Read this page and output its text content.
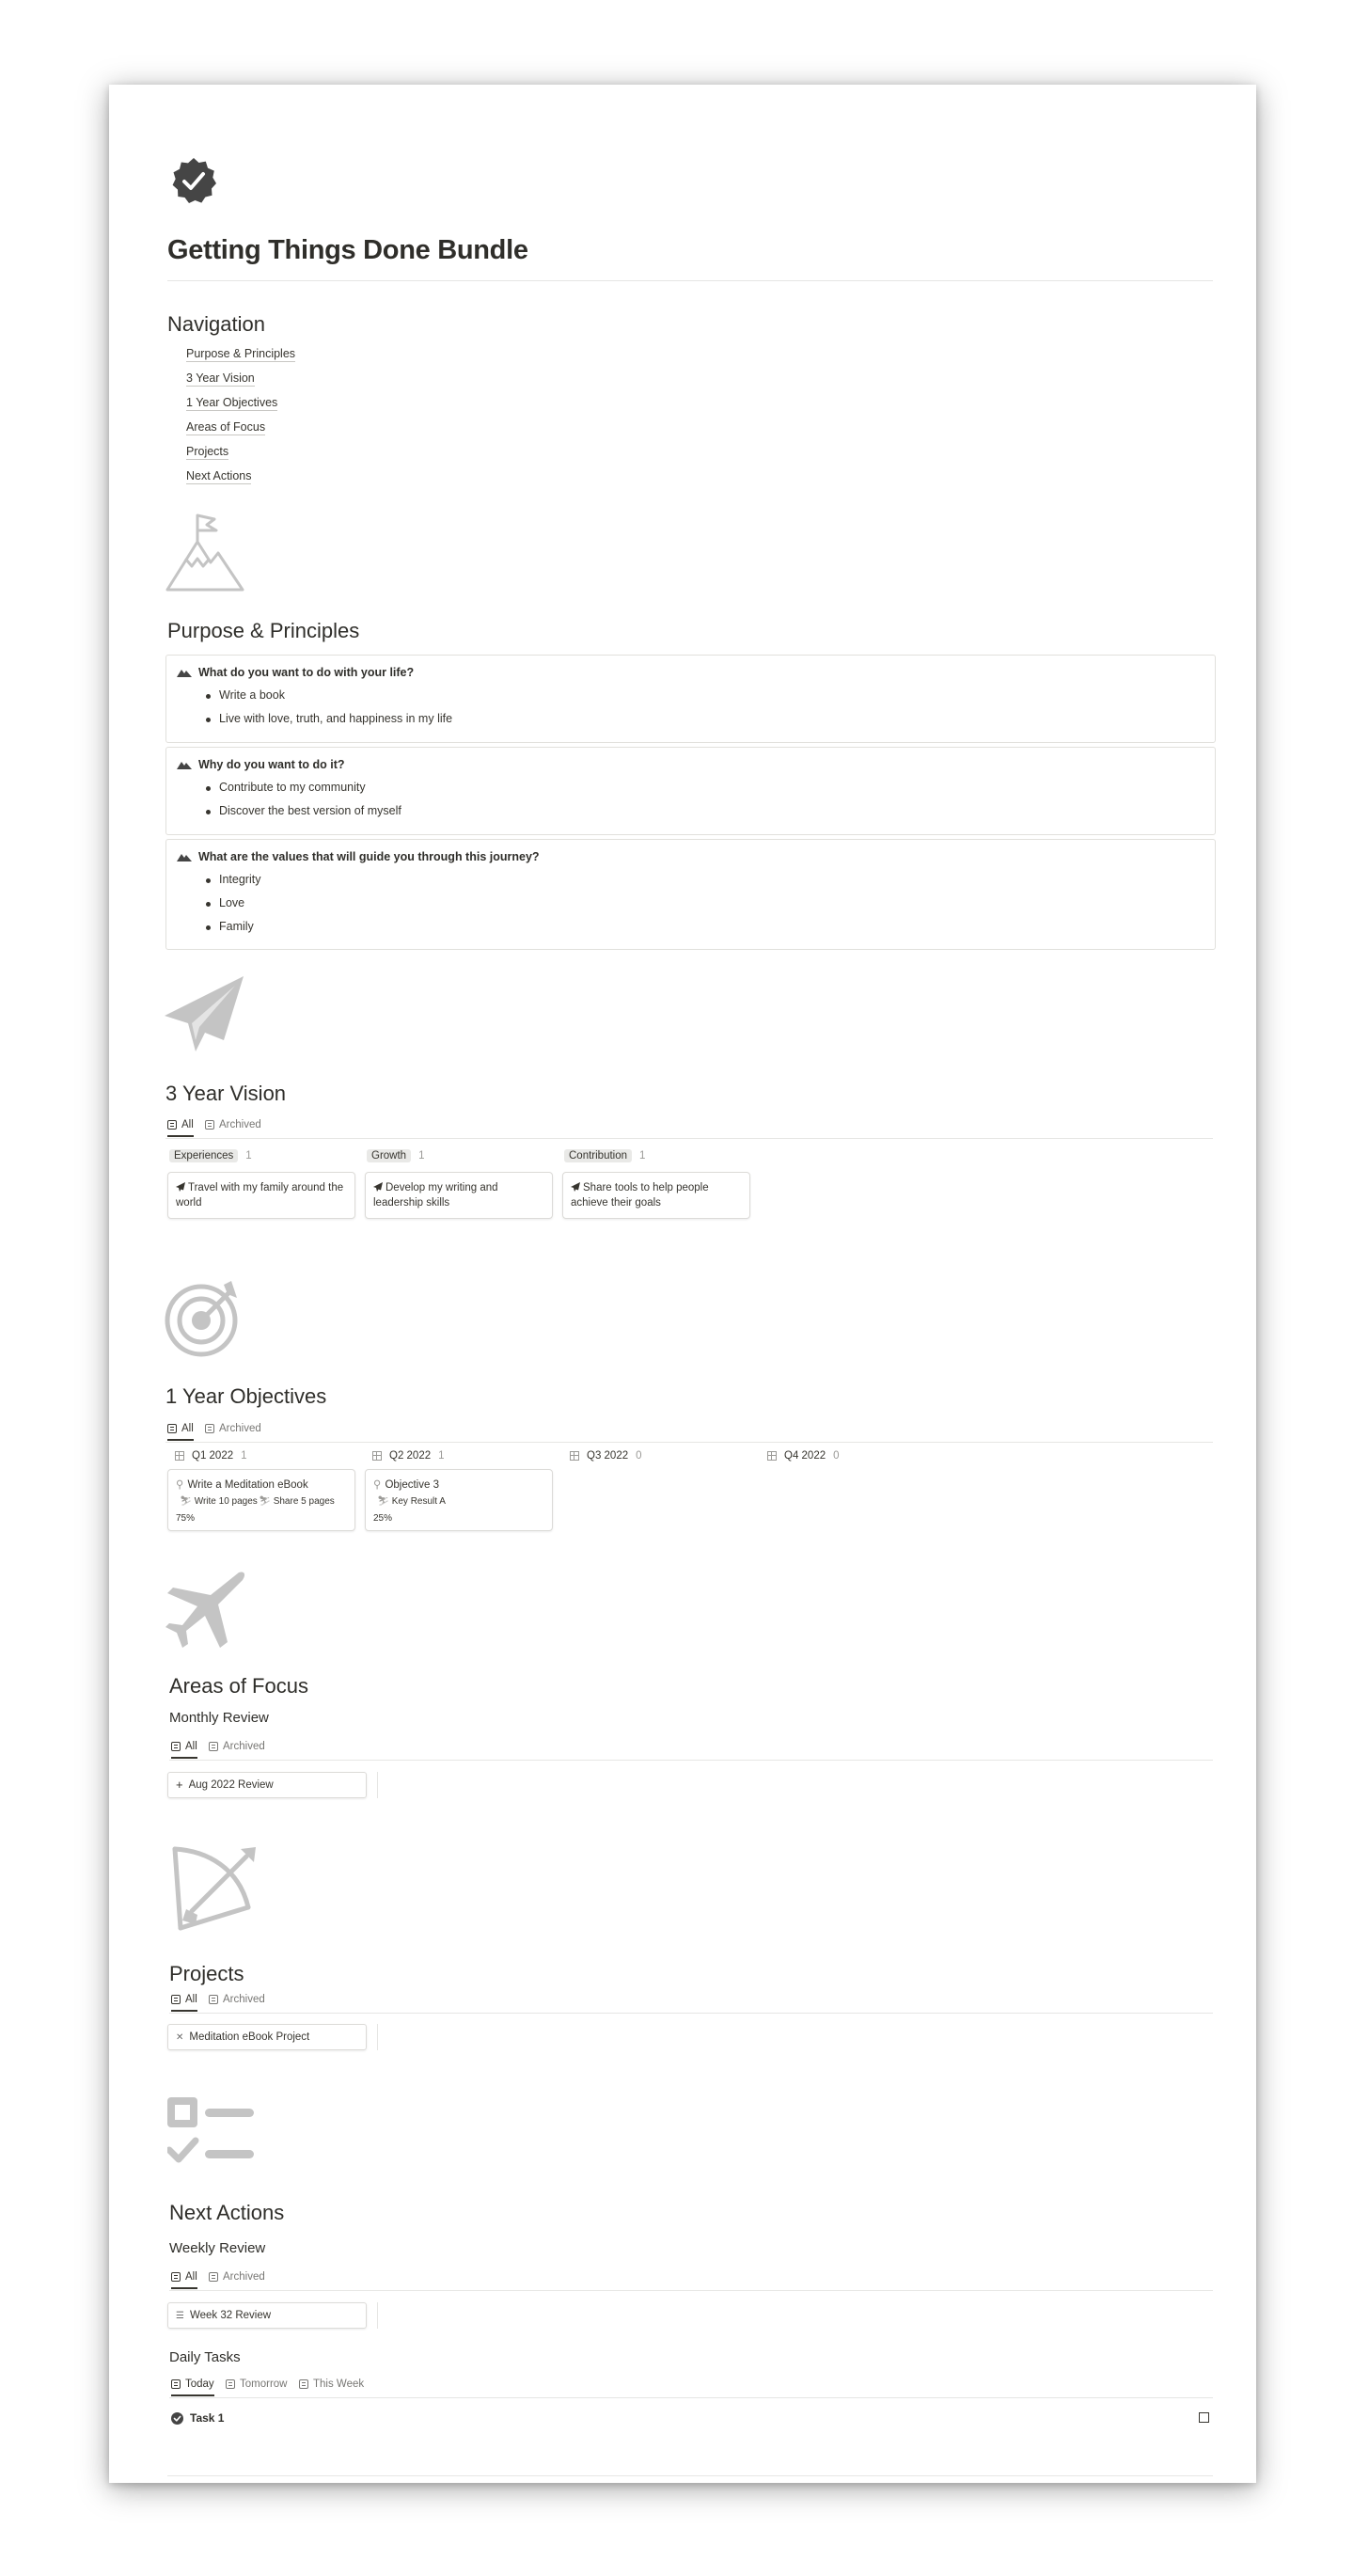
Getting Things Done Bundle
Navigation
Purpose & Principles
3 Year Vision
1 Year Objectives
Areas of Focus
Projects
Next Actions
Purpose & Principles
What do you want to do with your life?
Write a book
Live with love, truth, and happiness in my life
Why do you want to do it?
Contribute to my community
Discover the best version of myself
What are the values that will guide you through this journey?
Integrity
Love
Family
3 Year Vision
All Archived
Experiences	1	Growth	1	Contribution	1
Travel with my family around the world
Develop my writing and leadership skills
Share tools to help people achieve their goals
1 Year Objectives
All Archived
Q1 2022 1	Q2 2022 1	Q3 2022 0	Q4 2022 0
⚲ Write a Meditation eBook
⛷ Write 10 pages ⛷ Share 5 pages
75%
⚲ Objective 3
⛷ Key Result A
25%
Areas of Focus
Monthly Review
All Archived
+ Aug 2022 Review
Projects
All Archived
✕ Meditation eBook Project
Next Actions
Weekly Review
All Archived
☰ Week 32 Review
Daily Tasks
Today Tomorrow This Week
Task 1
